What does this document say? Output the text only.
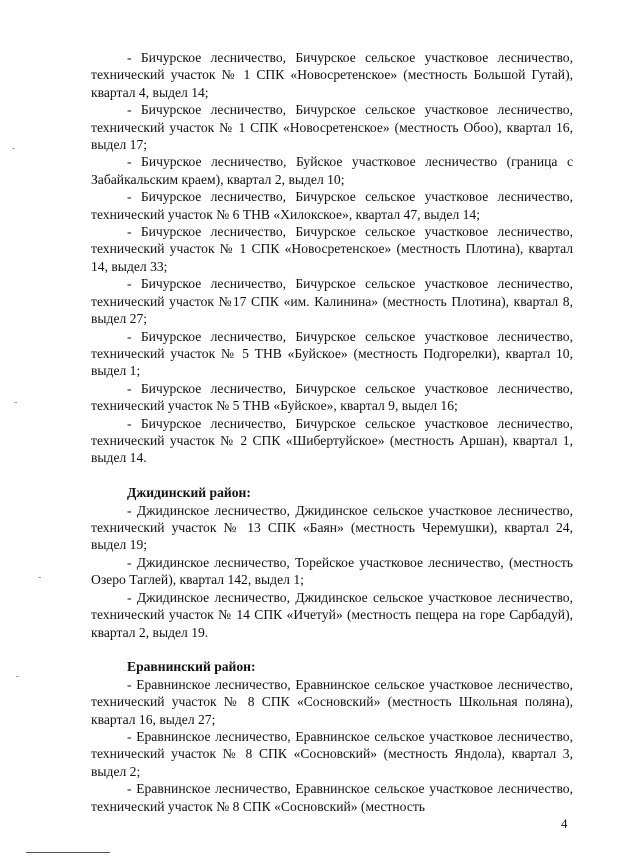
- Бичурское лесничество, Бичурское сельское участковое лесничество, технический участок № 1 СПК «Новосретенское» (местность Большой Гутай), квартал 4, выдел 14;

- Бичурское лесничество, Бичурское сельское участковое лесничество, технический участок № 1 СПК «Новосретенское» (местность Обоо), квартал 16, выдел 17;

- Бичурское лесничество, Буйское участковое лесничество (граница с Забайкальским краем), квартал 2, выдел 10;

- Бичурское лесничество, Бичурское сельское участковое лесничество, технический участок № 6 ТНВ «Хилокское», квартал 47, выдел 14;

- Бичурское лесничество, Бичурское сельское участковое лесничество, технический участок № 1 СПК «Новосретенское» (местность Плотина), квартал 14, выдел 33;

- Бичурское лесничество, Бичурское сельское участковое лесничество, технический участок №17 СПК «им. Калинина» (местность Плотина), квартал 8, выдел 27;

- Бичурское лесничество, Бичурское сельское участковое лесничество, технический участок № 5 ТНВ «Буйское» (местность Подгорелки), квартал 10, выдел 1;

- Бичурское лесничество, Бичурское сельское участковое лесничество, технический участок № 5 ТНВ «Буйское», квартал 9, выдел 16;

- Бичурское лесничество, Бичурское сельское участковое лесничество, технический участок № 2 СПК «Шибертуйское» (местность Аршан), квартал 1, выдел 14.

Джидинский район:

- Джидинское лесничество, Джидинское сельское участковое лесничество, технический участок № 13 СПК «Баян» (местность Черемушки), квартал 24, выдел 19;

- Джидинское лесничество, Торейское участковое лесничество, (местность Озеро Таглей), квартал 142, выдел 1;

- Джидинское лесничество, Джидинское сельское участковое лесничество, технический участок № 14 СПК «Ичетуй» (местность пещера на горе Сарбадуй), квартал 2, выдел 19.

Еравнинский район:

- Еравнинское лесничество, Еравнинское сельское участковое лесничество, технический участок № 8 СПК «Сосновский» (местность Школьная поляна), квартал 16, выдел 27;

- Еравнинское лесничество, Еравнинское сельское участковое лесничество, технический участок № 8 СПК «Сосновский» (местность Яндола), квартал 3, выдел 2;

- Еравнинское лесничество, Еравнинское сельское участковое лесничество, технический участок № 8 СПК «Сосновский» (местность

4
